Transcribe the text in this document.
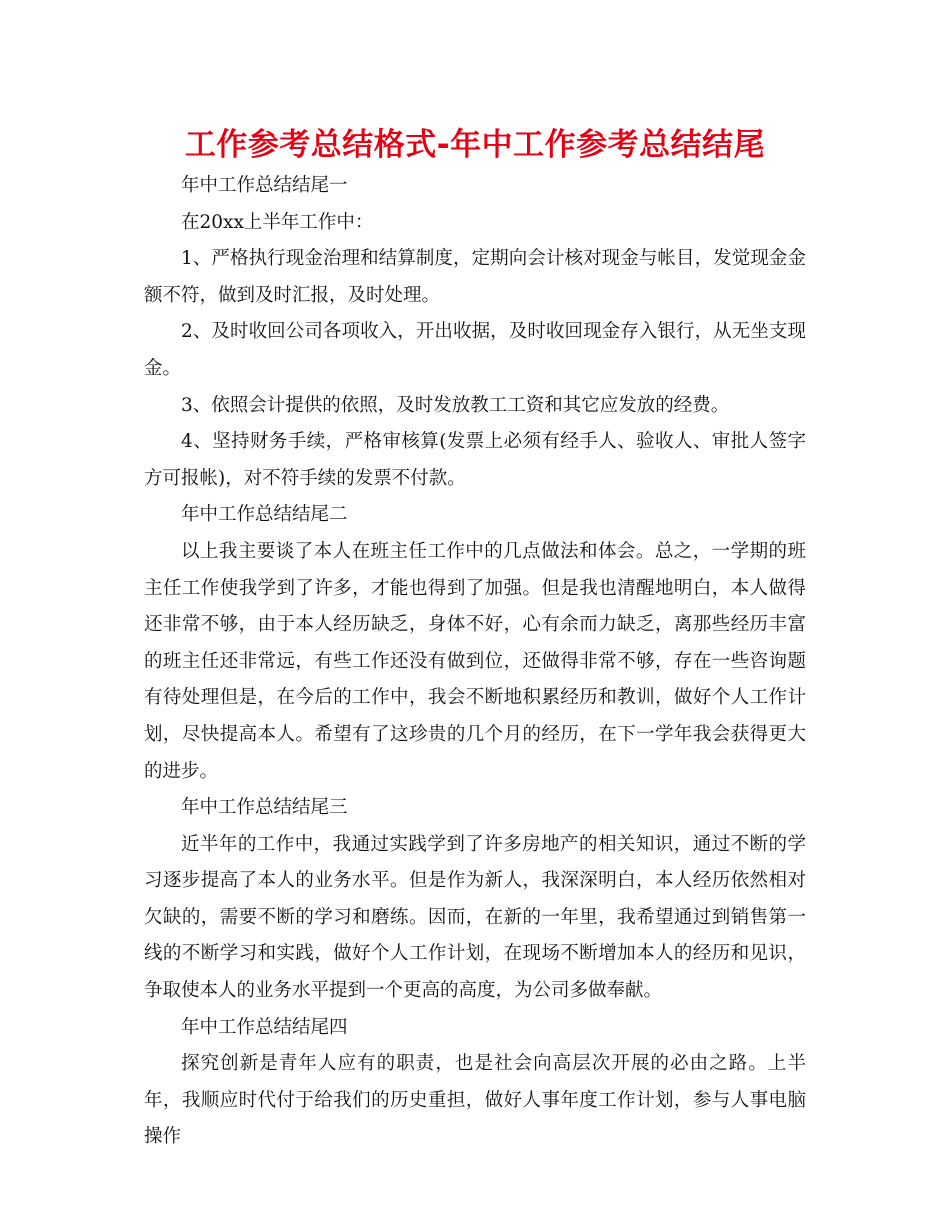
工作参考总结格式-年中工作参考总结结尾

年中工作总结结尾一

在20xx上半年工作中：

1、严格执行现金治理和结算制度，定期向会计核对现金与帐目，发觉现金金额不符，做到及时汇报，及时处理。

2、及时收回公司各项收入，开出收据，及时收回现金存入银行，从无坐支现金。

3、依照会计提供的依照，及时发放教工工资和其它应发放的经费。

4、坚持财务手续，严格审核算(发票上必须有经手人、验收人、审批人签字方可报帐)，对不符手续的发票不付款。

年中工作总结结尾二

以上我主要谈了本人在班主任工作中的几点做法和体会。总之，一学期的班主任工作使我学到了许多，才能也得到了加强。但是我也清醒地明白，本人做得还非常不够，由于本人经历缺乏，身体不好，心有余而力缺乏，离那些经历丰富的班主任还非常远，有些工作还没有做到位，还做得非常不够，存在一些咨询题有待处理但是，在今后的工作中，我会不断地积累经历和教训，做好个人工作计划，尽快提高本人。希望有了这珍贵的几个月的经历，在下一学年我会获得更大的进步。

年中工作总结结尾三

近半年的工作中，我通过实践学到了许多房地产的相关知识，通过不断的学习逐步提高了本人的业务水平。但是作为新人，我深深明白，本人经历依然相对欠缺的，需要不断的学习和磨练。因而，在新的一年里，我希望通过到销售第一线的不断学习和实践，做好个人工作计划，在现场不断增加本人的经历和见识，争取使本人的业务水平提到一个更高的高度，为公司多做奉献。

年中工作总结结尾四

探究创新是青年人应有的职责，也是社会向高层次开展的必由之路。上半年，我顺应时代付于给我们的历史重担，做好人事年度工作计划，参与人事电脑操作
